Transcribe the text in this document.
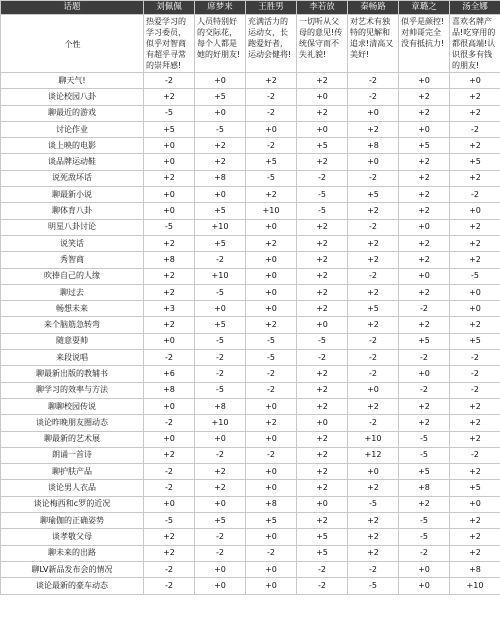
话题	刘佩佩	席梦来	王胜男	李若放	秦畅路	章璐之	汤全娜
个性	热爱学习的学习委员，似乎对智商有超乎寻常的崇拜感!	人员特别好的交际花，每个人都是她的好朋友!	充满活力的运动女，长跑爱好者，运动会健将!	一切听从父母的意见!传统保守而不失礼貌!	对艺术有独特的见解和追求!清高又美好!	似乎是颜控!对帅哥完全没有抵抗力!	喜欢名牌产品!吃穿用的都很高端!认识很多有钱的朋友!
聊天气!	-2	+0	+2	+2	-2	+0	+0
谈论校园八卦	+2	+5	-2	+0	-2	+2	+2
聊最近的游戏	-5	+0	-2	+2	+0	+2	+2
讨论作业	+5	-5	+0	+0	+2	+0	-2
谈上映的电影	+0	+2	-2	+5	+8	+5	+2
谈品牌运动鞋	+0	+2	+5	+2	+0	+2	+5
说死敌坏话	+2	+8	-5	-2	-2	+2	+2
聊最新小说	+0	+0	+2	-5	+5	+2	-2
聊体育八卦	+0	+5	+10	-5	+2	+2	+0
明星八卦讨论	-5	+10	+0	+2	-2	+0	+2
说笑话	+2	+5	+2	+2	+2	+2	+2
秀智商	+8	-2	+0	+2	+2	+2	+2
吹捧自己的人缘	+2	+10	+0	+2	-2	+0	-5
聊过去	+2	-5	+0	+2	+2	+2	+0
畅想未来	+3	+0	+0	+2	+5	-2	+0
来个脑筋急转弯	+2	+5	+2	+0	+2	+2	+2
随意耍帅	+0	-5	-5	-5	-2	+5	+5
来段说唱	-2	-2	-5	-2	-2	-2	-2
聊最新出版的教辅书	+6	-2	-2	+2	-2	+0	-2
聊学习的效率与方法	+8	-5	-2	+2	+0	-2	-2
聊聊校园传说	+0	+8	+0	+2	+2	+2	+2
谈论昨晚朋友圈动态	-2	+10	+2	+0	-2	+2	+2
聊最新的艺术展	+0	+0	+0	+2	+10	-5	+2
朗诵一首诗	+2	-2	-2	+2	+12	-5	-2
聊护肤产品	-2	+2	+0	+2	+0	+5	+2
谈论男人衣品	-2	+2	+0	+2	+2	+8	+5
谈论梅西和c罗的近况	+0	+0	+8	+0	-5	+2	+0
聊瑜伽的正确姿势	-5	+5	+5	+2	+2	-5	+2
谈孝敬父母	+2	-2	+0	+5	+2	-5	+2
聊未来的出路	+2	-2	-2	+5	+2	-2	+2
聊LV新品发布会的情况	-2	+0	+0	-2	-2	+0	+8
谈论最新的豪车动态	-2	+0	+0	-2	-5	+0	+10
